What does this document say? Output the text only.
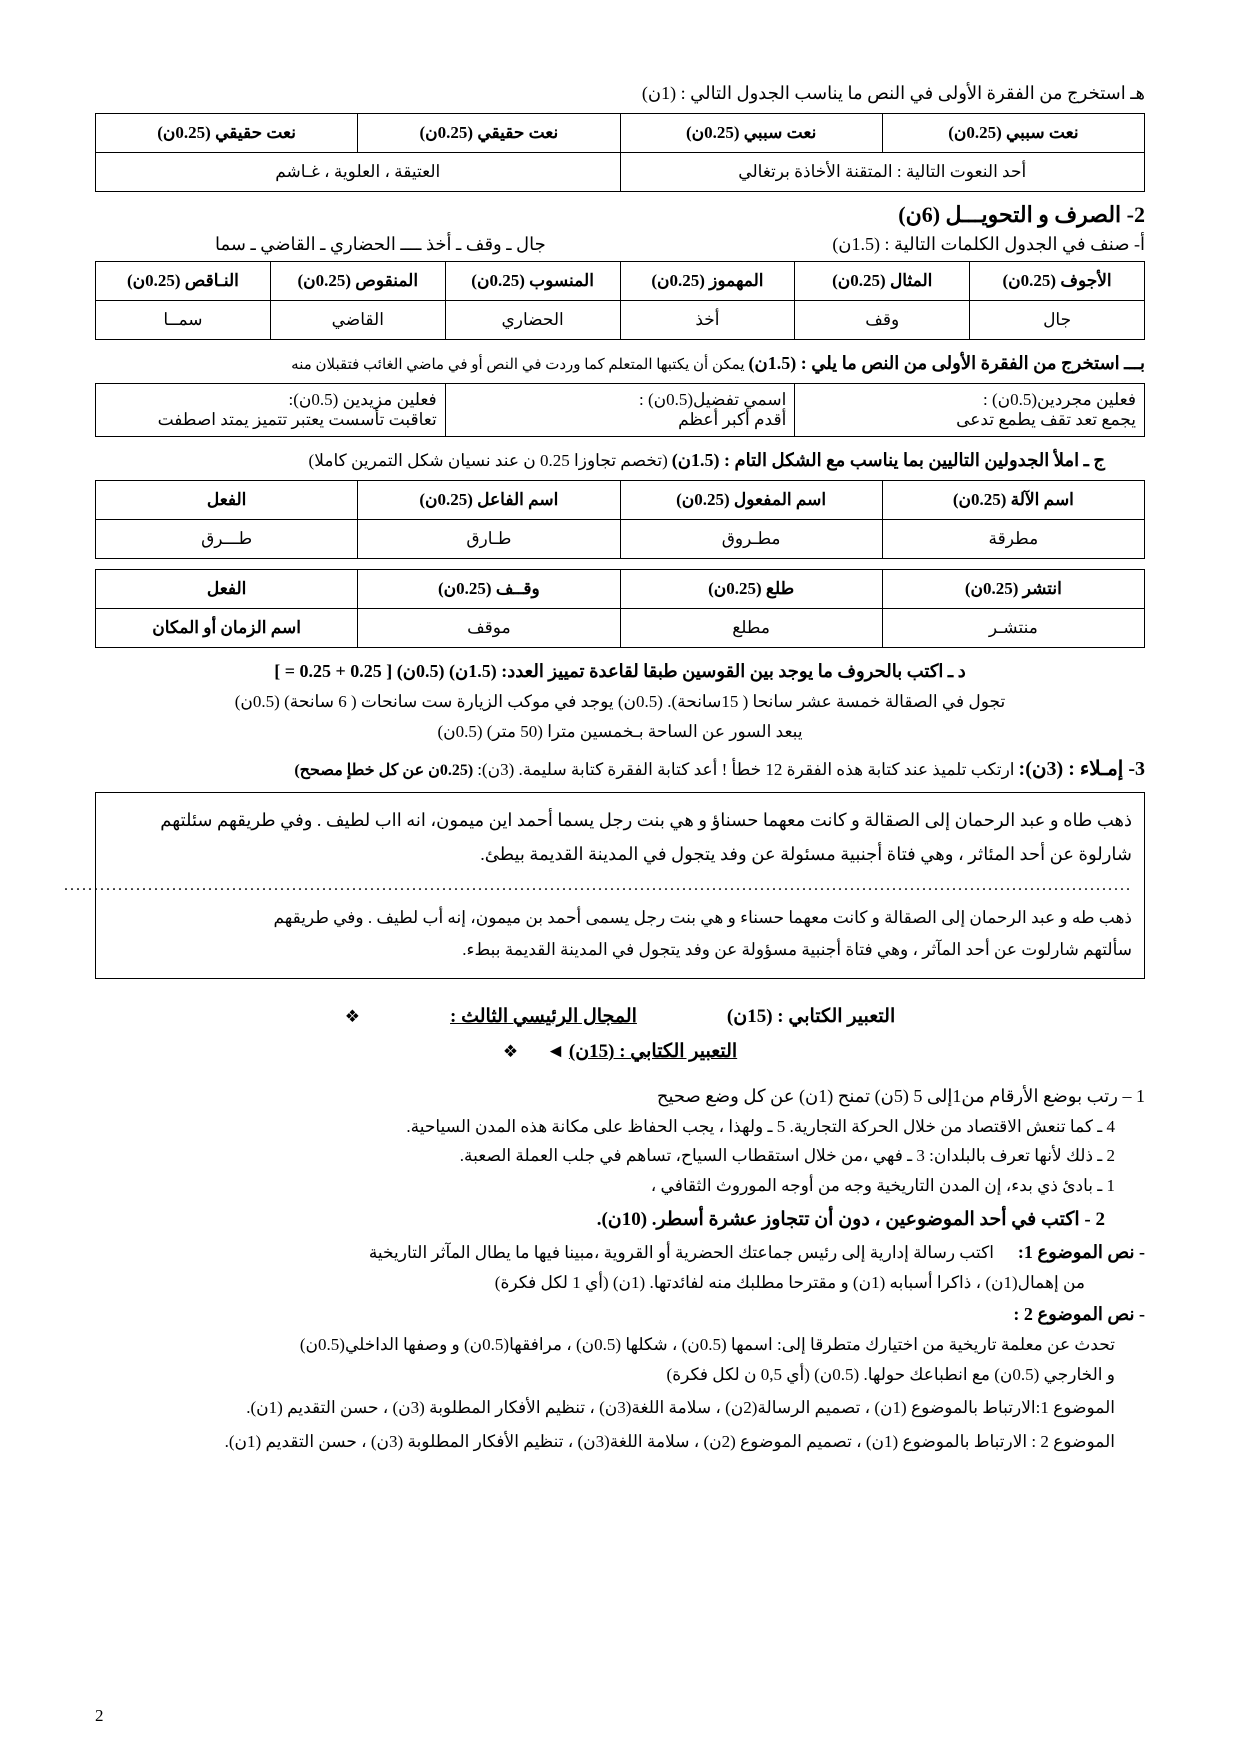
هـ استخرج من الفقرة الأولى في النص ما يناسب الجدول التالي : (1ن)
نعت سببي (0.25ن)	نعت سببي (0.25ن)	نعت حقيقي (0.25ن)	نعت حقيقي (0.25ن)
أحد النعوت التالية : المتقنة الأخاذة برتغالي		العتيقة ، العلوية ، غـاشم	
2- الصرف و التحويـــل (6ن)
أ- صنف في الجدول الكلمات التالية : (1.5ن)
جال ـ وقف ـ أخذ ــــ الحضاري ـ القاضي ـ سما
الأجوف (0.25ن)	المثال (0.25ن)	المهموز (0.25ن)	المنسوب (0.25ن)	المنقوص (0.25ن)	النـاقص (0.25ن)
جال	وقف	أخذ	الحضاري	القاضي	سمــا
بـــ استخرج من الفقرة الأولى من النص ما يلي : (1.5ن) يمكن أن يكتبها المتعلم كما وردت في النص أو في ماضي الغائب فتقبلان منه
فعلين مجردين(0.5ن) :
يجمع تعد تقف يطمع تدعى

اسمي تفضيل(0.5ن) :
أقدم أكبر أعظم

فعلين مزيدين (0.5ن):
تعاقبت تأسست يعتبر تتميز يمتد اصطفت
ج ـ املأ الجدولين التاليين بما يناسب مع الشكل التام : (1.5ن) (تخصم تجاوزا 0.25 ن عند نسيان شكل التمرين كاملا)
اسم الآلة (0.25ن)	اسم المفعول (0.25ن)	اسم الفاعل (0.25ن)	الفعل
مطرقة	مطـروق	طـارق	طـــرق
انتشر (0.25ن)	طلع (0.25ن)	وقــف (0.25ن)	الفعل
منتشـر	مطلع	موقف	اسم الزمان أو المكان
د ـ اكتب بالحروف ما يوجد بين القوسين طبقا لقاعدة تمييز العدد: (1.5ن) (0.5ن) [ 0.25 + 0.25 = ]
تجول في الصقالة خمسة عشر سانحا ( 15سانحة). (0.5ن) يوجد في موكب الزيارة ست سانحات ( 6 سانحة) (0.5ن)
يبعد السور عن الساحة بـخمسين مترا (50 متر) (0.5ن)
3- إمـلاء : (3ن): ارتكب تلميذ عند كتابة هذه الفقرة 12 خطأ ! أعد كتابة الفقرة كتابة سليمة. (3ن): (0.25ن عن كل خطإ مصحح)
ذهب طاه و عبد الرحمان إلى الصقالة و كانت معهما حسناؤ و هي بنت رجل يسما أحمد اين ميمون، انه ااب لطيف . وفي طريقهم سئلتهم
شارلوة عن أحد المئاثر ، وهي فتاة أجنبية مسئولة عن وفد يتجول في المدينة القديمة بيطئ.
..................................................................................................................................................................................
ذهب طه و عبد الرحمان إلى الصقالة و كانت معهما حسناء و هي بنت رجل يسمى أحمد بن ميمون، إنه أب لطيف . وفي طريقهم
سألتهم شارلوت عن أحد المآثر ، وهي فتاة أجنبية مسؤولة عن وفد يتجول في المدينة القديمة ببطء.
التعبير الكتابي : (15ن)
المجال الرئيسي الثالث :
❖
التعبير الكتابي : (15ن) ◄ ❖
1 – رتب بوضع الأرقام من1إلى 5 (5ن) تمنح (1ن) عن كل وضع صحيح
4 ـ كما تنعش الاقتصاد من خلال الحركة التجارية. 5 ـ ولهذا ، يجب الحفاظ على مكانة هذه المدن السياحية.
2 ـ ذلك لأنها تعرف بالبلدان: 3 ـ فهي ،من خلال استقطاب السياح، تساهم في جلب العملة الصعبة.
1 ـ بادئ ذي بدء، إن المدن التاريخية وجه من أوجه الموروث الثقافي ،
2 - اكتب في أحد الموضوعين ، دون أن تتجاوز عشرة أسطر. (10ن).
- نص الموضوع 1: اكتب رسالة إدارية إلى رئيس جماعتك الحضرية أو القروية ،مبينا فيها ما يطال المآثر التاريخية
من إهمال(1ن) ، ذاكرا أسبابه (1ن) و مقترحا مطلبك منه لفائدتها. (1ن) (أي 1 لكل فكرة)
- نص الموضوع 2 :
تحدث عن معلمة تاريخية من اختيارك متطرقا إلى: اسمها (0.5ن) ، شكلها (0.5ن) ، مرافقها(0.5ن) و وصفها الداخلي(0.5ن)
و الخارجي (0.5ن) مع انطباعك حولها. (0.5ن) (أي 0,5 ن لكل فكرة)
الموضوع 1:الارتباط بالموضوع (1ن) ، تصميم الرسالة(2ن) ، سلامة اللغة(3ن) ، تنظيم الأفكار المطلوبة (3ن) ، حسن التقديم (1ن).
الموضوع 2 : الارتباط بالموضوع (1ن) ، تصميم الموضوع (2ن) ، سلامة اللغة(3ن) ، تنظيم الأفكار المطلوبة (3ن) ، حسن التقديم (1ن).
2
